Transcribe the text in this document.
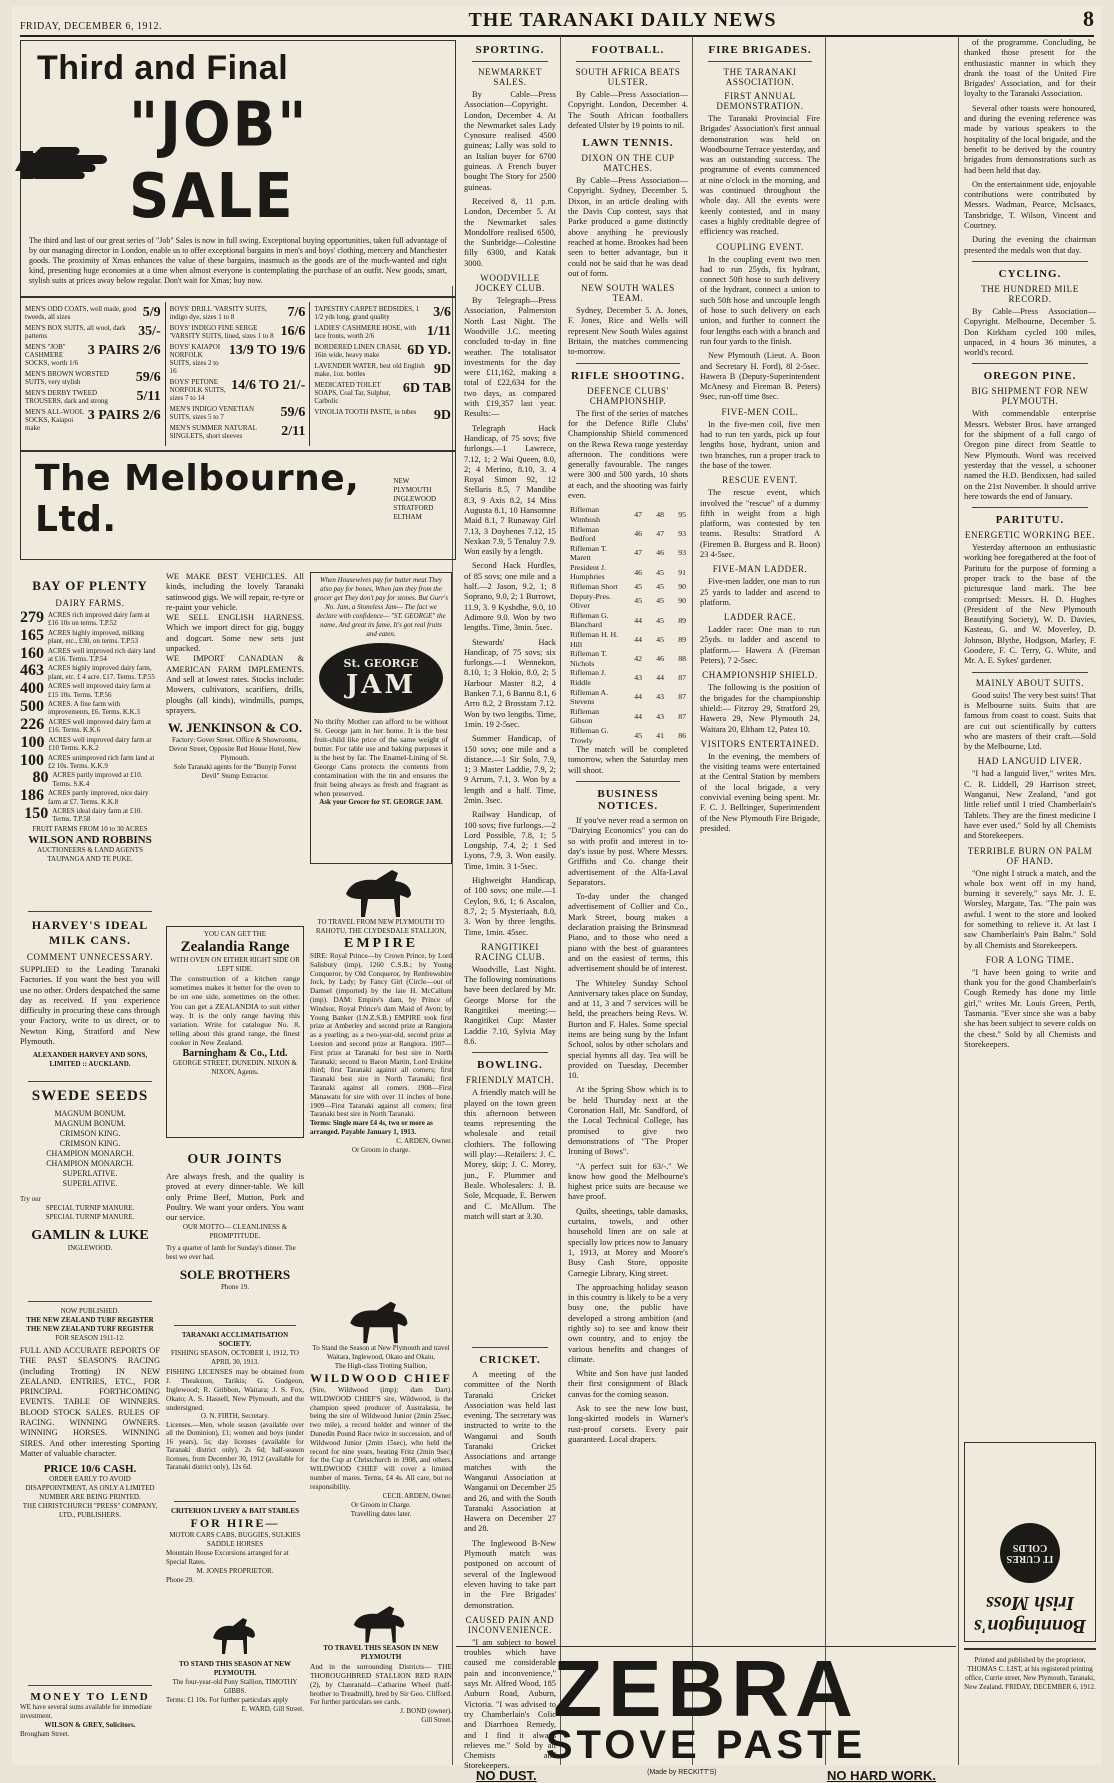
FRIDAY, DECEMBER 6, 1912.	THE TARANAKI DAILY NEWS	8
Third and Final
"JOB" SALE
The third and last of our great series of "Job" Sales is now in full swing. Exceptional buying opportunities, taken full advantage of by our managing director in London, enable us to offer exceptional bargains in men's and boys' clothing, mercery and Manchester goods. The proximity of Xmas enhances the value of these bargains, inasmuch as the goods are of the much-wanted and right kind, presenting huge economies at a time when almost everyone is contemplating the purchase of an outfit. New goods, smart, stylish suits at prices away below regular. Don't wait for Xmas; buy now.
MEN'S ODD COATS, well made, good tweeds, all sizes	5/9
MEN'S BOX SUITS, all wool, dark patterns	35/-
MEN'S "JOB" CASHMERE SOCKS, worth 1/6
3 PAIRS 2/6
MEN'S BROWN WORSTED SUITS, very stylish	59/6
MEN'S DERBY TWEED TROUSERS, dark and strong	5/11
MEN'S ALL-WOOL SOCKS, Kaiapoi make
3 PAIRS 2/6
BOYS' DRILL 'VARSITY SUITS, indigo dye, sizes 1 to 8	7/6
BOYS' INDIGO FINE SERGE 'VARSITY SUITS, lined, sizes 1 to 8 16/6
BOYS' KAIAPOI NORFOLK SUITS, sizes 2 to 16
13/9 TO 19/6
BOYS' PETONE NORFOLK SUITS, sizes 7 to 14
14/6 TO 21/-
MEN'S INDIGO VENETIAN SUITS, sizes 5 to 7	59/6
MEN'S SUMMER NATURAL SINGLETS, short sleeves	2/11
TAPESTRY CARPET BEDSIDES, 1 1/2 yds long, grand quality	3/6
LADIES' CASHMERE HOSE, with lace fronts, worth 2/6	1/11
BORDERED LINEN CRASH, 16in wide, heavy make	6D YD.
LAVENDER WATER, best old English make, 1oz. bottles	9D
MEDICATED TOILET SOAPS, Coal Tar, Sulphur, Carbolic
6D TAB
VINOLIA TOOTH PASTE, in tubes 9D
The Melbourne, Ltd.
NEW PLYMOUTH
INGLEWOOD
STRATFORD
ELTHAM
BAY OF PLENTY
DAIRY FARMS.
279 ACRES rich improved dairy farm at £16 10s on terms. T.P.52
165 ACRES highly improved, milking plant, etc., £30, on terms. T.P.53
160 ACRES well improved rich dairy land at £16. Terms. T.P.54
463 ACRES highly improved dairy farm, plant, etc. £ 4 acre. £17. Terms. T.P.55
400 ACRES well improved dairy farm at £15 10s. Terms. T.P.56
500 ACRES. A fine farm with improvements, £6. Terms. K.K.3
226 ACRES well improved dairy farm at £16. Terms. K.K.6
100 ACRES well improved dairy farm at £10 Terms. K.K.2
100 ACRES unimproved rich farm land at £2 10s. Terms. K.K.9
80 ACRES partly improved at £10. Terms. S.K.4
186 ACRES partly improved, nice dairy farm at £7. Terms. K.K.8
150 ACRES ideal dairy farm at £10. Terms. T.P.58
FRUIT FARMS FROM 10 to 30 ACRES
WILSON AND ROBBINS
AUCTIONEERS & LAND AGENTS TAUPANGA AND TE PUKE.
HARVEY'S IDEAL MILK CANS.
COMMENT UNNECESSARY.
SUPPLIED to the Leading Taranaki Factories. If you want the best you will use no other. Orders despatched the same day as received. If you experience difficulty in procuring these cans through your Factory, write to us direct, or to Newton King, Stratford and New Plymouth.
ALEXANDER HARVEY AND SONS, LIMITED :: AUCKLAND.
SWEDE SEEDS
MAGNUM BONUM.
MAGNUM BONUM.
CRIMSON KING.
CRIMSON KING.
CHAMPION MONARCH.
CHAMPION MONARCH.
SUPERLATIVE.
SUPERLATIVE.
Try our
SPECIAL TURNIP MANURE.
SPECIAL TURNIP MANURE.
GAMLIN & LUKE
INGLEWOOD.
NOW PUBLISHED.
THE NEW ZEALAND TURF REGISTER
THE NEW ZEALAND TURF REGISTER
FOR SEASON 1911-12.
FULL AND ACCURATE REPORTS OF THE PAST SEASON'S RACING (including Trotting) IN NEW ZEALAND. ENTRIES, ETC., FOR PRINCIPAL FORTHCOMING EVENTS. TABLE OF WINNERS. BLOOD STOCK SALES. RULES OF RACING. WINNING OWNERS. WINNING HORSES. WINNING SIRES. And other interesting Sporting Matter of valuable character.
PRICE 10/6 CASH.
ORDER EARLY TO AVOID DISAPPOINTMENT, AS ONLY A LIMITED NUMBER ARE BEING PRINTED.
THE CHRISTCHURCH "PRESS" COMPANY, LTD., PUBLISHERS.
MONEY TO LEND
WE have several sums available for immediate investment.
WILSON & GREY, Solicitors.
Brougham Street.
WE MAKE BEST VEHICLES. All kinds, including the lovely Taranaki satinwood gigs. We will repair, re-tyre or re-paint your vehicle.
WE SELL ENGLISH HARNESS. Which we import direct for gig, buggy and dogcart. Some new sets just unpacked.
WE IMPORT CANADIAN & AMERICAN FARM IMPLEMENTS. And sell at lowest rates. Stocks include: Mowers, cultivators, scarifiers, drills, ploughs (all kinds), windmills, pumps, sprayers.
W. JENKINSON & CO.
Factory: Gover Street. Office & Showrooms, Devon Street, Opposite Red House Hotel, New Plymouth.
Sole Taranaki agents for the "Bunyip Forest Devil" Stump Extractor.
YOU CAN GET THE
Zealandia Range
WITH OVEN ON EITHER RIGHT SIDE OR LEFT SIDE.
The construction of a kitchen range sometimes makes it better for the oven to be on one side, sometimes on the other. You can get a ZEALANDIA to suit either way. It is the only range having this variation. Write for catalogue No. 8, telling about this grand range, the finest cooker in New Zealand.
Barningham & Co., Ltd.
GEORGE STREET, DUNEDIN. NIXON & NIXON, Agents.
OUR JOINTS
Are always fresh, and the quality is proved at every dinner-table. We kill only Prime Beef, Mutton, Pork and Poultry. We want your orders. You want our service.
OUR MOTTO— CLEANLINESS & PROMPTITUDE.
Try a quarter of lamb for Sunday's dinner. The best we ever had.
SOLE BROTHERS
Phone 19.
TARANAKI ACCLIMATISATION SOCIETY.
FISHING SEASON, OCTOBER 1, 1912, TO APRIL 30, 1913.
FISHING LICENSES may be obtained from J. Theakston, Tarikis; G. Gudgeon, Inglewood; R. Gribbon, Waitara; J. S. Fox, Okato; A. S. Hassell, New Plymouth, and the undersigned.
O. N. FIRTH, Secretary.
Licenses.—Men, whole season (available over all the Dominion), £1; women and boys (under 16 years), 5s; day licenses (available for Taranaki district only), 2s 6d; half-season licenses, from December 30, 1912 (available for Taranaki district only), 12s 6d.
CRITERION LIVERY & BAIT STABLES
FOR HIRE—
MOTOR CARS CABS, BUGGIES, SULKIES SADDLE HORSES
Mountain House Excursions arranged for at Special Rates.
M. JONES PROPRIETOR.
Phone 29.
TO STAND THIS SEASON AT NEW PLYMOUTH.
The four-year-old Pony Stallion, TIMOTHY GIBBS.
Terms: £1 10s. For further particulars apply
E. WARD, Gill Street.
When Housewives pay for butter meat They also pay for bones, When jam they from the grocer get They don't pay for stones. But Gurr's No. Jam, a Stoneless Jam— The fact we declare with confidence— "ST. GEORGE" the name, And great its fame, It's got real fruits and eaten.
St. GEORGE
JAM
No thrifty Mother can afford to be without St. George jam in her home. It is the best fruit-child like price of the same weight of butter. For table use and baking purposes it is the best by far. The Enamel-Lining of St. George Cans protects the contents from contamination with the tin and ensures the fruit being always as fresh and fragrant as when preserved.
Ask your Grocer for ST. GEORGE JAM.
TO TRAVEL FROM NEW PLYMOUTH TO RAHOTU, THE CLYDESDALE STALLION,
EMPIRE
SIRE: Royal Prince—by Crown Prince, by Lord Salisbury (imp), 1260 C.S.B.; by Young Conqueror, by Old Conqueror, by Renfrewshire Jock, by Lady; by Fancy Girl (Circle—out of Damsel (imported) by the late H. McCallum (imp). DAM: Empire's dam, by Prince of Windsor, Royal Prince's dam Maid of Avon; by Young Banker (I.N.Z.S.B.) EMPIRE took first prize at Amberley and second prize at Rangiora as a yearling; as a two-year-old, second prize at Leeston and second prize at Rangiora. 1907—First prize at Taranaki for best sire in North Taranaki; second to Baron Martin, Lord Erskine third; first Taranaki against all comers; first Taranaki best sire in North Taranaki; first Taranaki against all comers. 1908—First Manawatu for sire with over 11 inches of bone. 1909—First Taranaki against all comers; first Taranaki best sire in North Taranaki.
Terms: Single mare £4 4s, two or more as arranged. Payable January 1, 1913.
C. ARDEN, Owner.
Or Groom in charge.
To Stand the Season at New Plymouth and travel Waitara, Inglewood, Okato and Okaiu,
The High-class Trotting Stallion,
WILDWOOD CHIEF
(Sire, Wildwood (imp); dam Dart). WILDWOOD CHIEF'S sire, Wildwood, is the champion speed producer of Australasia, he being the sire of Wildwood Junior (2min 25sec, two mile), a record holder and winner of the Dunedin Pound Race twice in succession, and of Wildwood Junior (2min 15sec), who held the record for nine years, beating Fritz (2min 9sec) for the Cup at Christchurch in 1908, and others. WILDWOOD CHIEF will cover a limited number of mares. Terms, £4 4s. All care, but no responsibility.
CECIL ARDEN, Owner.
Or Groom in Charge.
Travelling dates later.
TO TRAVEL THIS SEASON IN NEW PLYMOUTH
And in the surrounding Districts— THE THOROUGHBRED STALLION RED RAIN (2), by Clanranald—Catharine Wheel (half-brother to Treadmill), bred by Sir Geo. Clifford.
For further particulars see cards.
J. BOND (owner).
Gill Street.
SPORTING.
NEWMARKET SALES.

By Cable—Press Association—Copyright. London, December 4. At the Newmarket sales Lady Cynosure realised 4500 guineas; Lally was sold to an Italian buyer for 6700 guineas. A French buyer bought The Story for 2500 guineas.

Received 8, 11 p.m. London, December 5. At the Newmarket sales Mondolfore realised 6500, the Sunbridge—Colestine filly 6300, and Katak 3000.

WOODVILLE JOCKEY CLUB.

By Telegraph—Press Association, Palmerston North Last Night. The Woodville J.C. meeting concluded to-day in fine weather. The totalisator investments for the day were £11,162, making a total of £22,634 for the two days, as compared with £19,357 last year. Results:—

Telegraph Hack Handicap, of 75 sovs; five furlongs.—1 Lawrece, 7.12, 1; 2 Wai Queen, 8.0, 2; 4 Merino, 8.10, 3. 4 Royal Simon 92, 12 Stellaris 8.5, 7 Mandibe 8.3, 9 Axis 8.2, 14 Miss Augusta 8.1, 10 Hansomne Maid 8.1, 7 Runaway Girl 7.13, 3 Doyhenes 7.12, 15 Nexkan 7.9, 5 Tenaluy 7.9. Won easily by a length.

Second Hack Hurdles, of 85 sovs; one mile and a half.—2 Jason, 9.2, 1; 8 Soprano, 9.0, 2; 1 Burrowt, 11.9, 3. 9 Kyshdhe, 9.0, 10 Adimore 9.0. Won by two lengths. Time, 3min. 5sec.

Stewards' Hack Handicap, of 75 sovs; six furlongs.—1 Wennekon, 8.10, 1; 3 Hokio, 8.0, 2; 5 Harbour Master 8.2, 4 Banken 7.1, 6 Bannu 8.1, 6 Arro 8.2, 2 Brosstam 7.12. Won by two lengths. Time, 1min. 19 2-5sec.

Summer Handicap, of 150 sovs; one mile and a distance.—1 Sir Solo, 7.9, 1; 3 Master Laddie, 7.9, 2; 9 Arrum, 7.1, 3. Won by a length and a half. Time, 2min. 3sec.

Railway Handicap, of 100 sovs; five furlongs.—2 Lord Possible, 7.8, 1; 5 Longship, 7.4, 2; 1 Sed Lyons, 7.9, 3. Won easily. Time, 1min. 3 1-5sec.

Highweight Handicap, of 100 sovs; one mile.—1 Ceylon, 9.6, 1; 6 Ascalon, 8.7, 2; 5 Mysteriaah, 8.0, 3. Won by three lengths. Time, 1min. 45sec.

RANGITIKEI RACING CLUB.

Woodville, Last Night. The following nominations have been declared by Mr. George Morse for the Rangitikei meeting:—Rangitikei Cup: Master Laddie 7.10, Sylvia May 8.6.

BOWLING.
FRIENDLY MATCH.

A friendly match will be played on the town green this afternoon between teams representing the wholesale and retail clothiers. The following will play:—Retailers: J. C. Morey, skip; J. C. Morey, jun., F. Plummer and Beale. Wholesalers: J. B. Sole, Mcquade, E. Berwen and C. McAllum. The match will start at 3.30.

CRICKET.

A meeting of the committee of the North Taranaki Cricket Association was held last evening. The secretary was instructed to write to the Wanganui and South Taranaki Cricket Associations and arrange matches with the Wanganui Association at Wanganui on December 25 and 26, and with the South Taranaki Association at Hawera on December 27 and 28.

The Inglewood B-New Plymouth match was postponed on account of several of the Inglewood eleven having to take part in the Fire Brigades' demonstration.

CAUSED PAIN AND INCONVENIENCE.

"I am subject to bowel troubles which have caused me considerable pain and inconvenience," says Mr. Alfred Wood, 185 Auburn Road, Auburn, Victoria. "I was advised to try Chamberlain's Colic and Diarrhoea Remedy, and I find it always relieves me." Sold by all Chemists and Storekeepers.

FOOTBALL.
SOUTH AFRICA BEATS ULSTER.

By Cable—Press Association—Copyright. London, December 4. The South African footballers defeated Ulster by 19 points to nil.

LAWN TENNIS.
DIXON ON THE CUP MATCHES.

By Cable—Press Association—Copyright. Sydney, December 5. Dixon, in an article dealing with the Davis Cup contest, says that Parke produced a game distinctly above anything he previously reached at home. Brookes had been seen to better advantage, but it could not be said that he was dead out of form.

NEW SOUTH WALES TEAM.

Sydney, December 5. A. Jones, F. Jones, Rice and Wells will represent New South Wales against Britain, the matches commencing to-morrow.

RIFLE SHOOTING.
DEFENCE CLUBS' CHAMPIONSHIP.

The first of the series of matches for the Defence Rifle Clubs' Championship Shield commenced on the Rewa Rewa range yesterday afternoon. The conditions were generally favourable. The ranges were 300 and 500 yards, 10 shots at each, and the shooting was fairly even.

Rifleman Wimbush	47	48	95
Rifleman Bedford	46	47	93
Rifleman T. Marett	47	46	93
President J. Humphries	46	45	91
Rifleman Short	45	45	90
Deputy-Pres. Oliver	45	45	90
Rifleman G. Blanchard	44	45	89
Rifleman H. H. Hill	44	45	89
Rifleman T. Nichols	42	46	88
Rifleman J. Riddle	43	44	87
Rifleman A. Stevens	44	43	87
Rifleman Gibson	44	43	87
Rifleman G. Trowly	45	41	86

The match will be completed tomorrow, when the Saturday men will shoot.

BUSINESS NOTICES.

If you've never read a sermon on "Dairying Economics" you can do so with profit and interest in to-day's issue by post. Where Messrs. Griffiths and Co. change their advertisement of the Alfa-Laval Separators.

To-day under the changed advertisement of Collier and Co., Mark Street, bourg makes a declaration praising the Brinsmead Piano, and to those who need a piano with the best of guarantees and on the easiest of terms, this advertisement should be of interest.

The Whiteley Sunday School Anniversary takes place on Sunday, and at 11, 3 and 7 services will be held, the preachers being Revs. W. Burton and F. Hales. Some special items are being sung by the Infant School, solos by other scholars and special hymns all day. Tea will be provided on Tuesday, December 10.

At the Spring Show which is to be held Thursday next at the Coronation Hall, Mr. Sandford, of the Local Technical College, has promised to give two demonstrations of "The Proper Ironing of Bows".

"A perfect suit for 63/-." We know how good the Melbourne's highest price suits are because we have proof.

Quilts, sheetings, table damasks, curtains, towels, and other household linen are on sale at specially low prices now to January 1, 1913, at Morey and Moore's Busy Cash Store, opposite Carnegie Library, King street.

The approaching holiday season in this country is likely to be a very busy one, the public have developed a strong ambition (and rightly so) to see and know their own country, and to enjoy the various benefits and changes of climate.

White and Son have just landed their first consignment of Black canvas for the coming season.

Ask to see the new low bust, long-skirted models in Warner's rust-proof corsets. Every pair guaranteed. Local drapers.

FIRE BRIGADES.
THE TARANAKI ASSOCIATION.
FIRST ANNUAL DEMONSTRATION.

The Taranaki Provincial Fire Brigades' Association's first annual demonstration was held on Woodbourne Terrace yesterday, and was an outstanding success. The programme of events commenced at nine o'clock in the morning, and was continued throughout the whole day. All the events were keenly contested, and in many cases a highly creditable degree of efficiency was reached.

COUPLING EVENT.

In the coupling event two men had to run 25yds, fix hydrant, connect 50ft hose to such delivery of the hydrant, connect a union to such 50ft hose and uncouple length of hose to such delivery on each union, and further to connect the four lengths each with a branch and run four yards to the finish.

New Plymouth (Lieut. A. Boon and Secretary H. Ford), 8l 2-5sec. Hawera B (Deputy-Superintendent McAnesy and Fireman B. Peters) 9sec, run-off time 8sec.

FIVE-MEN COIL.

In the five-men coil, five men had to run ten yards, pick up four lengths hose, hydrant, union and two branches, run a proper track to the base of the tower.

RESCUE EVENT.

The rescue event, which involved the "rescue" of a dummy fifth in weight from a high platform, was contested by ten teams. Results: Stratford A (Firemen B. Burgess and R. Boon) 23 4-5sec.

FIVE-MAN LADDER.

Five-men ladder, one man to run 25 yards to ladder and ascend to platform.

LADDER RACE.

Ladder race: One man to run 25yds. to ladder and ascend to platform.— Hawera A (Fireman Peters), 7 2-5sec.

CHAMPIONSHIP SHIELD.

The following is the position of the brigades for the championship shield:— Fitzroy 29, Stratford 29, Hawera 29, New Plymouth 24, Waitara 20, Eltham 12, Patea 10.

VISITORS ENTERTAINED.

In the evening, the members of the visiting teams were entertained at the Central Station by members of the local brigade, a very convivial evening being spent. Mr. F. C. J. Bellringer, Superintendent of the New Plymouth Fire Brigade, presided.

of the programme. Concluding, he thanked those present for the enthusiastic manner in which they drank the toast of the United Fire Brigades' Association, and for their loyalty to the Taranaki Association.

Several other toasts were honoured, and during the evening reference was made by various speakers to the hospitality of the local brigade, and the benefit to be derived by the country brigades from demonstrations such as had been held that day.

On the entertainment side, enjoyable contributions were contributed by Messrs. Wadman, Pearce, McIsaacs, Tansbridge, T. Wilson, Vincent and Courtney.

During the evening the chairman presented the medals won that day.

CYCLING.
THE HUNDRED MILE RECORD.

By Cable—Press Association—Copyright. Melbourne, December 5. Don Kirkham cycled 100 miles, unpaced, in 4 hours 36 minutes, a world's record.

OREGON PINE.
BIG SHIPMENT FOR NEW PLYMOUTH.

With commendable enterprise Messrs. Webster Bros. have arranged for the shipment of a full cargo of Oregon pine direct from Seattle to New Plymouth. Word was received yesterday that the vessel, a schooner named the H.D. Bendixsen, had sailed on the 21st November. It should arrive here towards the end of January.

PARITUTU.
ENERGETIC WORKING BEE.

Yesterday afternoon an enthusiastic working bee foregathered at the foot of Paritutu for the purpose of forming a proper track to the base of the picturesque land mark. The bee comprised: Messrs. H. D. Hughes (President of the New Plymouth Beautifying Society), W. D. Davies, Kasteau, G. and W. Moverley, D. Johnson, Blythe, Hodgson, Marley, F. Goodere, F. C. Terry, G. White, and Mr. A. E. Sykes' gardener.

MAINLY ABOUT SUITS.

Good suits! The very best suits! That is Melbourne suits. Suits that are famous from coast to coast. Suits that are cut out scientifically by cutters who are masters of their craft.—Sold by the Melbourne, Ltd.

HAD LANGUID LIVER.

"I had a languid liver," writes Mrs. C. R. Liddell, 29 Harrison street, Wanganui, New Zealand, "and got little relief until I tried Chamberlain's Tablets. They are the finest medicine I have ever used." Sold by all Chemists and Storekeepers.

TERRIBLE BURN ON PALM OF HAND.

"One night I struck a match, and the whole box went off in my hand, burning it severely," says Mr. J. E. Worsley, Margate, Tas. "The pain was awful. I went to the store and looked for something to relieve it. At last I saw Chamberlain's Pain Balm." Sold by all Chemists and Storekeepers.

FOR A LONG TIME.

"I have been going to write and thank you for the good Chamberlain's Cough Remedy has done my little girl," writes Mr. Louis Green, Perth, Tasmania. "Ever since she was a baby she has been subject to severe colds on the chest." Sold by all Chemists and Storekeepers.

Bonnington's Irish Moss
IT CURES COLDS
ZEBRA
STOVE PASTE
NO DUST.	(Made by RECKITT'S)	NO HARD WORK.
Printed and published by the proprietor, THOMAS C. LIST, at his registered printing office, Currie street, New Plymouth, Taranaki, New Zealand. FRIDAY, DECEMBER 6, 1912.
